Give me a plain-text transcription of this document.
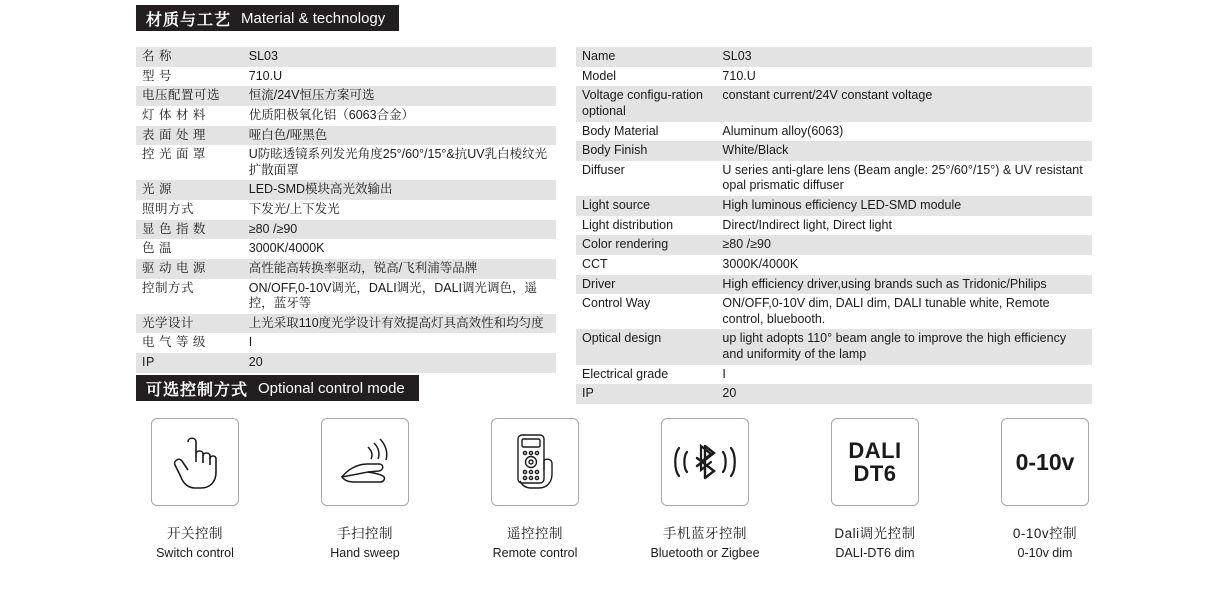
材质与工艺 Material & technology
名 称	SL03
型 号	710.U
电压配置可选	恒流/24V恒压方案可选
灯 体 材 料	优质阳极氧化铝（6063合金）
表 面 处 理	哑白色/哑黑色
控 光 面 罩	U防眩透镜系列发光角度25°/60°/15°&抗UV乳白棱纹光扩散面罩
光 源	LED-SMD模块高光效输出
照明方式	下发光/上下发光
显 色 指 数	≥80 /≥90
色 温	3000K/4000K
驱 动 电 源	高性能高转换率驱动，锐高/飞利浦等品牌
控制方式	ON/OFF,0-10V调光，DALI调光，DALI调光调色，遥控，蓝牙等
光学设计	上光采取110度光学设计有效提高灯具高效性和均匀度
电 气 等 级	I
IP	20
Name	SL03
Model	710.U
Voltage configu-ration optional	constant current/24V constant voltage
Body Material	Aluminum alloy(6063)
Body Finish	White/Black
Diffuser	U series anti-glare lens (Beam angle: 25°/60°/15°) & UV resistant opal prismatic diffuser
Light source	High luminous efficiency LED-SMD module
Light distribution	Direct/Indirect light, Direct light
Color rendering	≥80 /≥90
CCT	3000K/4000K
Driver	High efficiency driver,using brands such as Tridonic/Philips
Control Way	ON/OFF,0-10V dim, DALI dim, DALI tunable white, Remote control, bluebooth.
Optical design	up light adopts 110° beam angle to improve the high efficiency and uniformity of the lamp
Electrical grade	I
IP	20
可选控制方式 Optional control mode
开关控制
Switch control
手扫控制
Hand sweep
遥控控制
Remote control
手机蓝牙控制
Bluetooth or Zigbee
DALI
DT6
Dali调光控制
DALI-DT6 dim
0-10v
0-10v控制
0-10v dim
